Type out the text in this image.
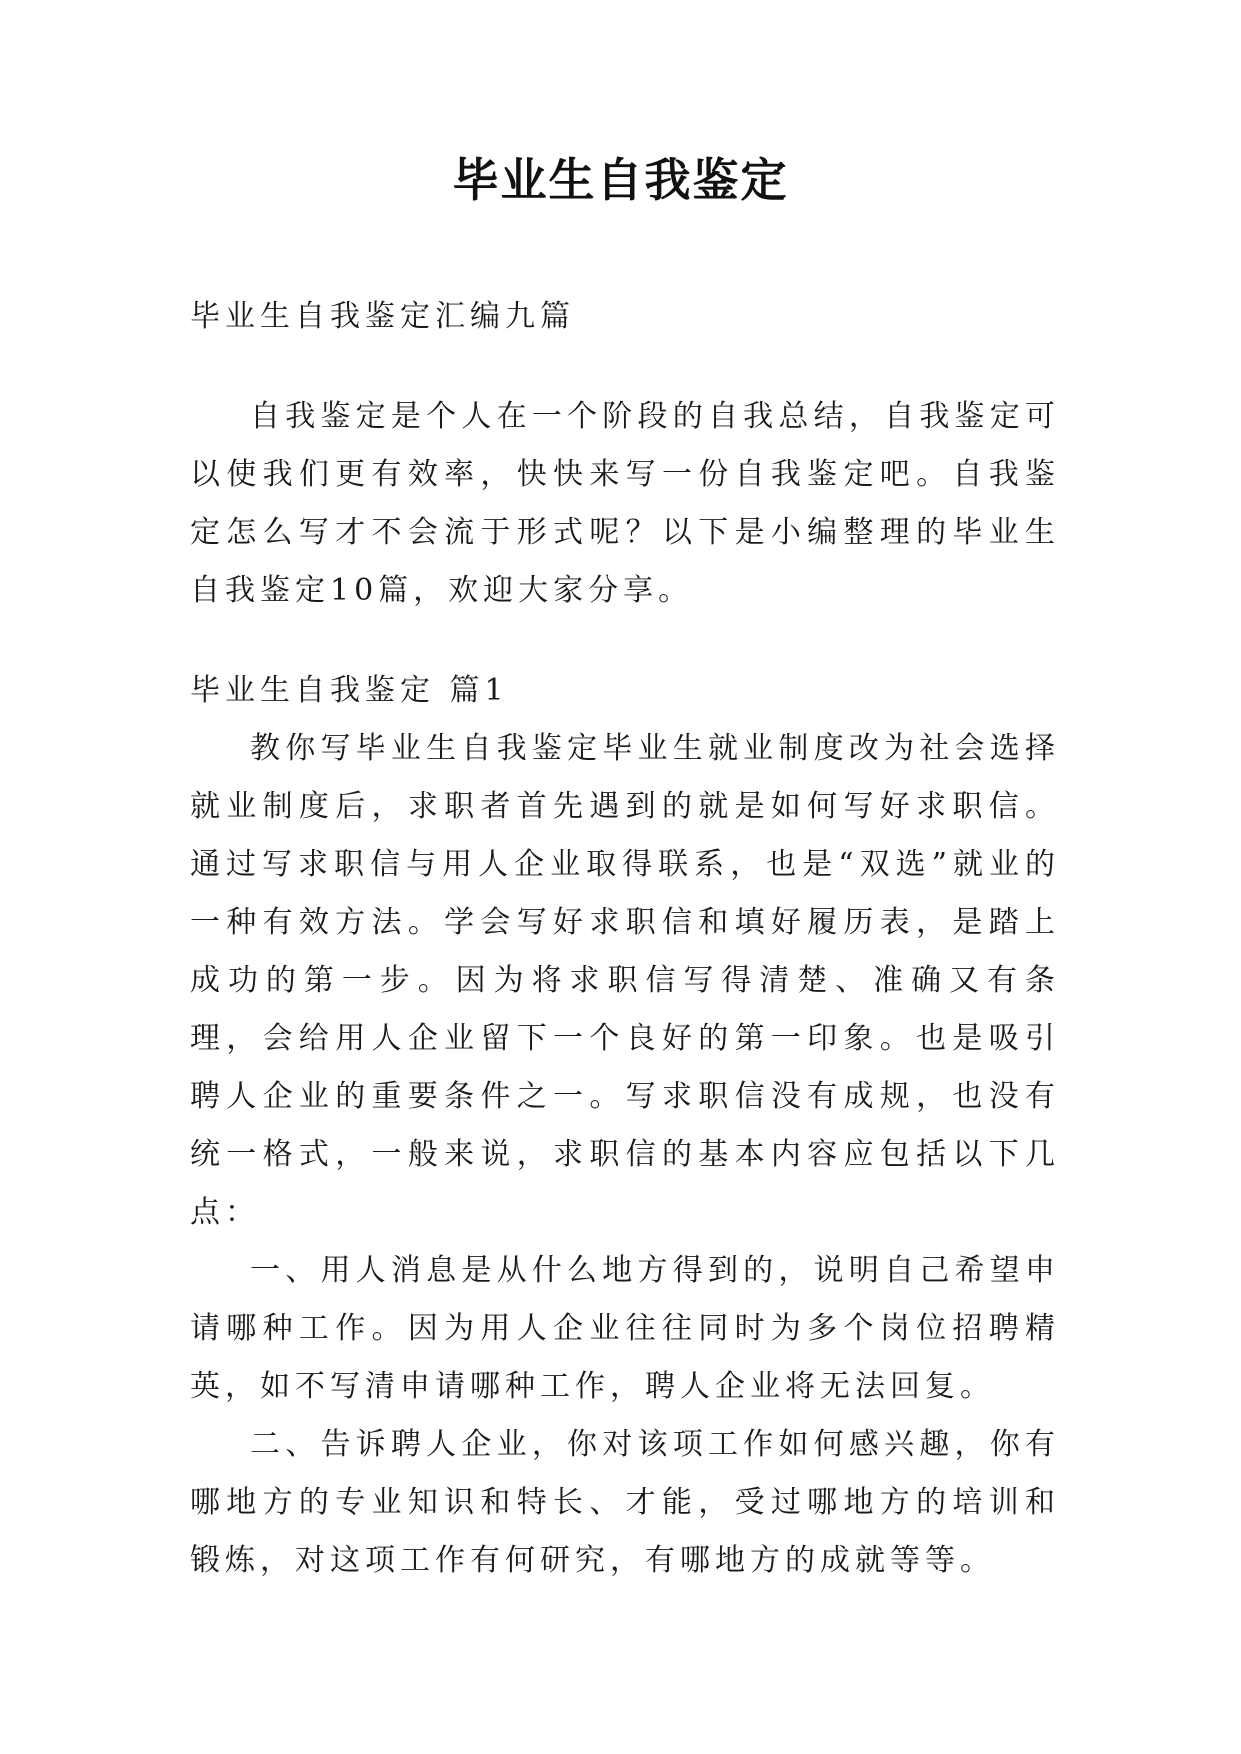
毕业生自我鉴定

毕业生自我鉴定汇编九篇

自我鉴定是个人在一个阶段的自我总结，自我鉴定可以使我们更有效率，快快来写一份自我鉴定吧。自我鉴定怎么写才不会流于形式呢？以下是小编整理的毕业生自我鉴定10篇，欢迎大家分享。

毕业生自我鉴定 篇1

教你写毕业生自我鉴定毕业生就业制度改为社会选择就业制度后，求职者首先遇到的就是如何写好求职信。通过写求职信与用人企业取得联系，也是“双选”就业的一种有效方法。学会写好求职信和填好履历表，是踏上成功的第一步。因为将求职信写得清楚、准确又有条理，会给用人企业留下一个良好的第一印象。也是吸引聘人企业的重要条件之一。写求职信没有成规，也没有统一格式，一般来说，求职信的基本内容应包括以下几点：

一、用人消息是从什么地方得到的，说明自己希望申请哪种工作。因为用人企业往往同时为多个岗位招聘精英，如不写清申请哪种工作，聘人企业将无法回复。

二、告诉聘人企业，你对该项工作如何感兴趣，你有哪地方的专业知识和特长、才能，受过哪地方的培训和锻炼，对这项工作有何研究，有哪地方的成就等等。
